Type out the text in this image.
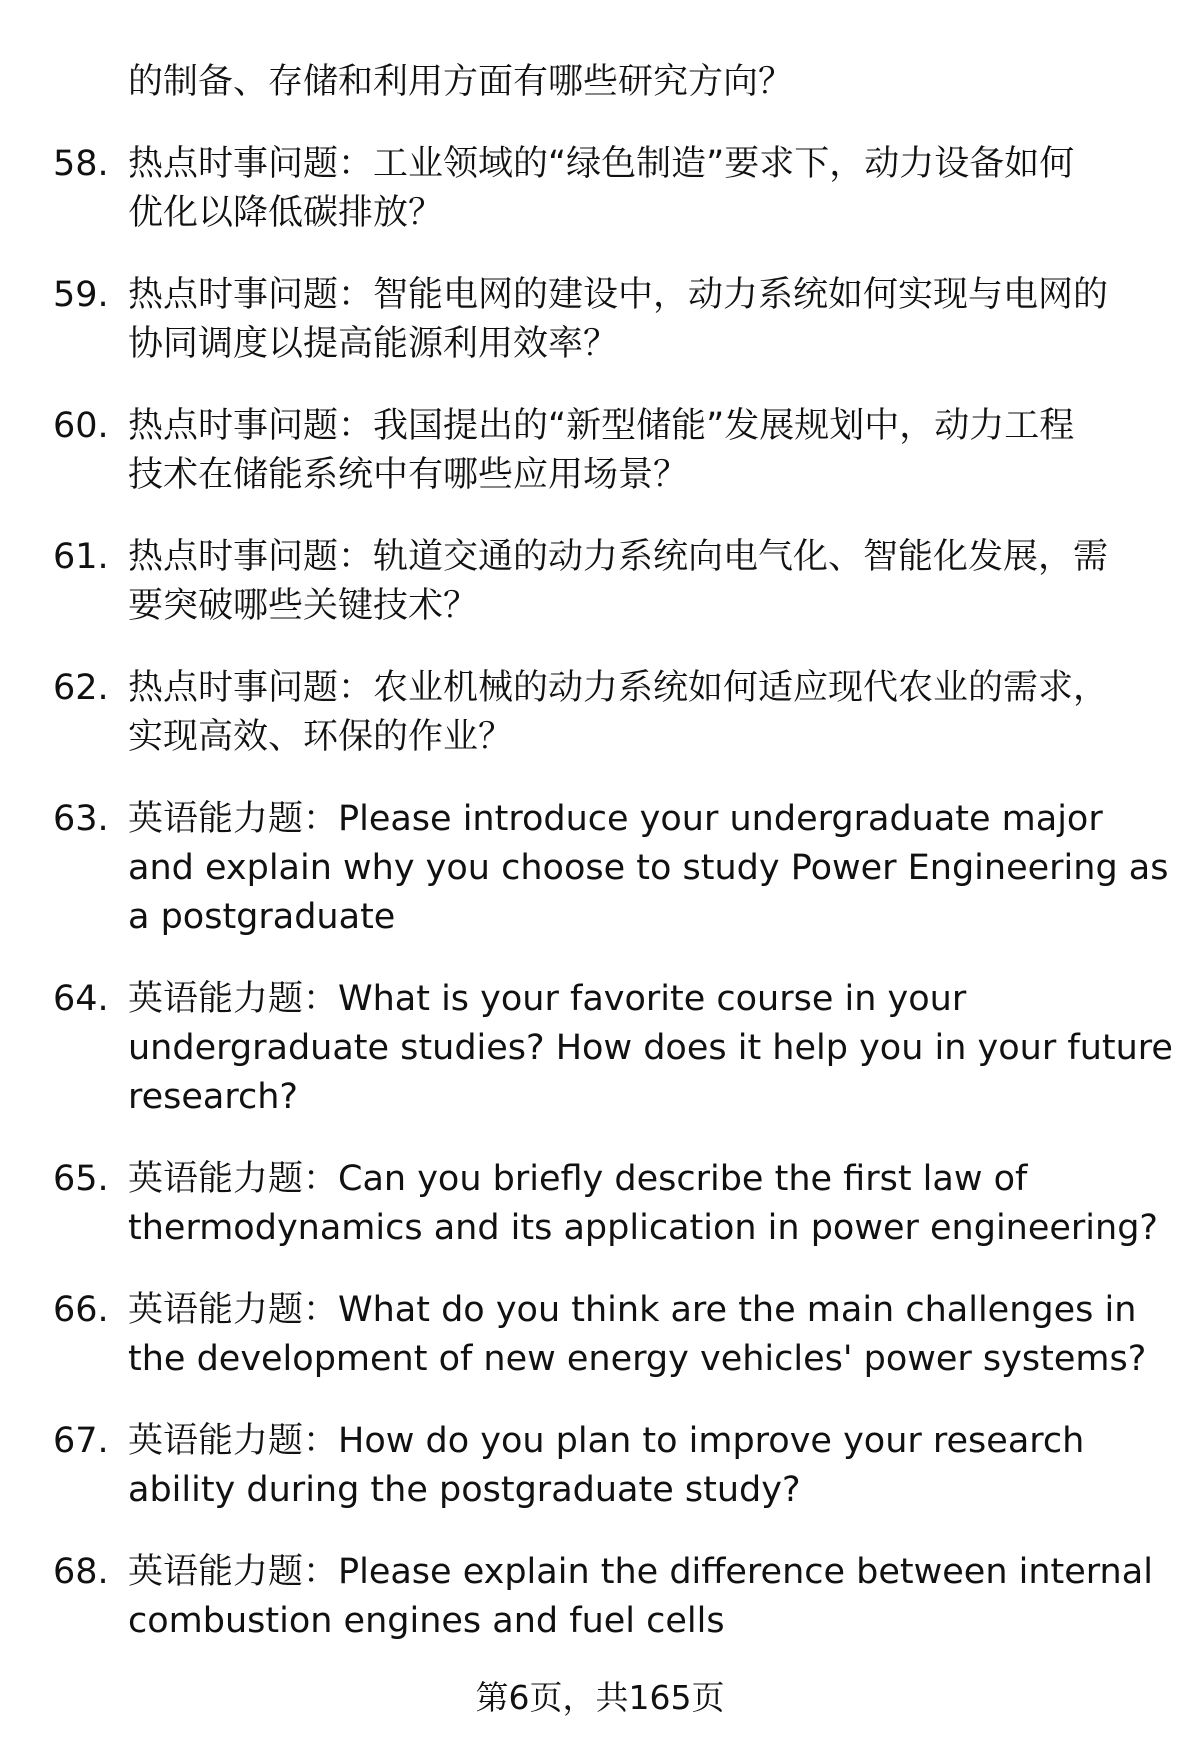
的制备、存储和利用方面有哪些研究方向？
58. 热点时事问题：工业领域的“绿色制造”要求下，动力设备如何
优化以降低碳排放？
59. 热点时事问题：智能电网的建设中，动力系统如何实现与电网的
协同调度以提高能源利用效率？
60. 热点时事问题：我国提出的“新型储能”发展规划中，动力工程
技术在储能系统中有哪些应用场景？
61. 热点时事问题：轨道交通的动力系统向电气化、智能化发展，需
要突破哪些关键技术？
62. 热点时事问题：农业机械的动力系统如何适应现代农业的需求，
实现高效、环保的作业？
63. 英语能力题：Please introduce your undergraduate major
and explain why you choose to study Power Engineering as
a postgraduate
64. 英语能力题：What is your favorite course in your
undergraduate studies? How does it help you in your future
research?
65. 英语能力题：Can you briefly describe the first law of
thermodynamics and its application in power engineering?
66. 英语能力题：What do you think are the main challenges in
the development of new energy vehicles' power systems?
67. 英语能力题：How do you plan to improve your research
ability during the postgraduate study?
68. 英语能力题：Please explain the difference between internal
combustion engines and fuel cells
第6页，共165页
